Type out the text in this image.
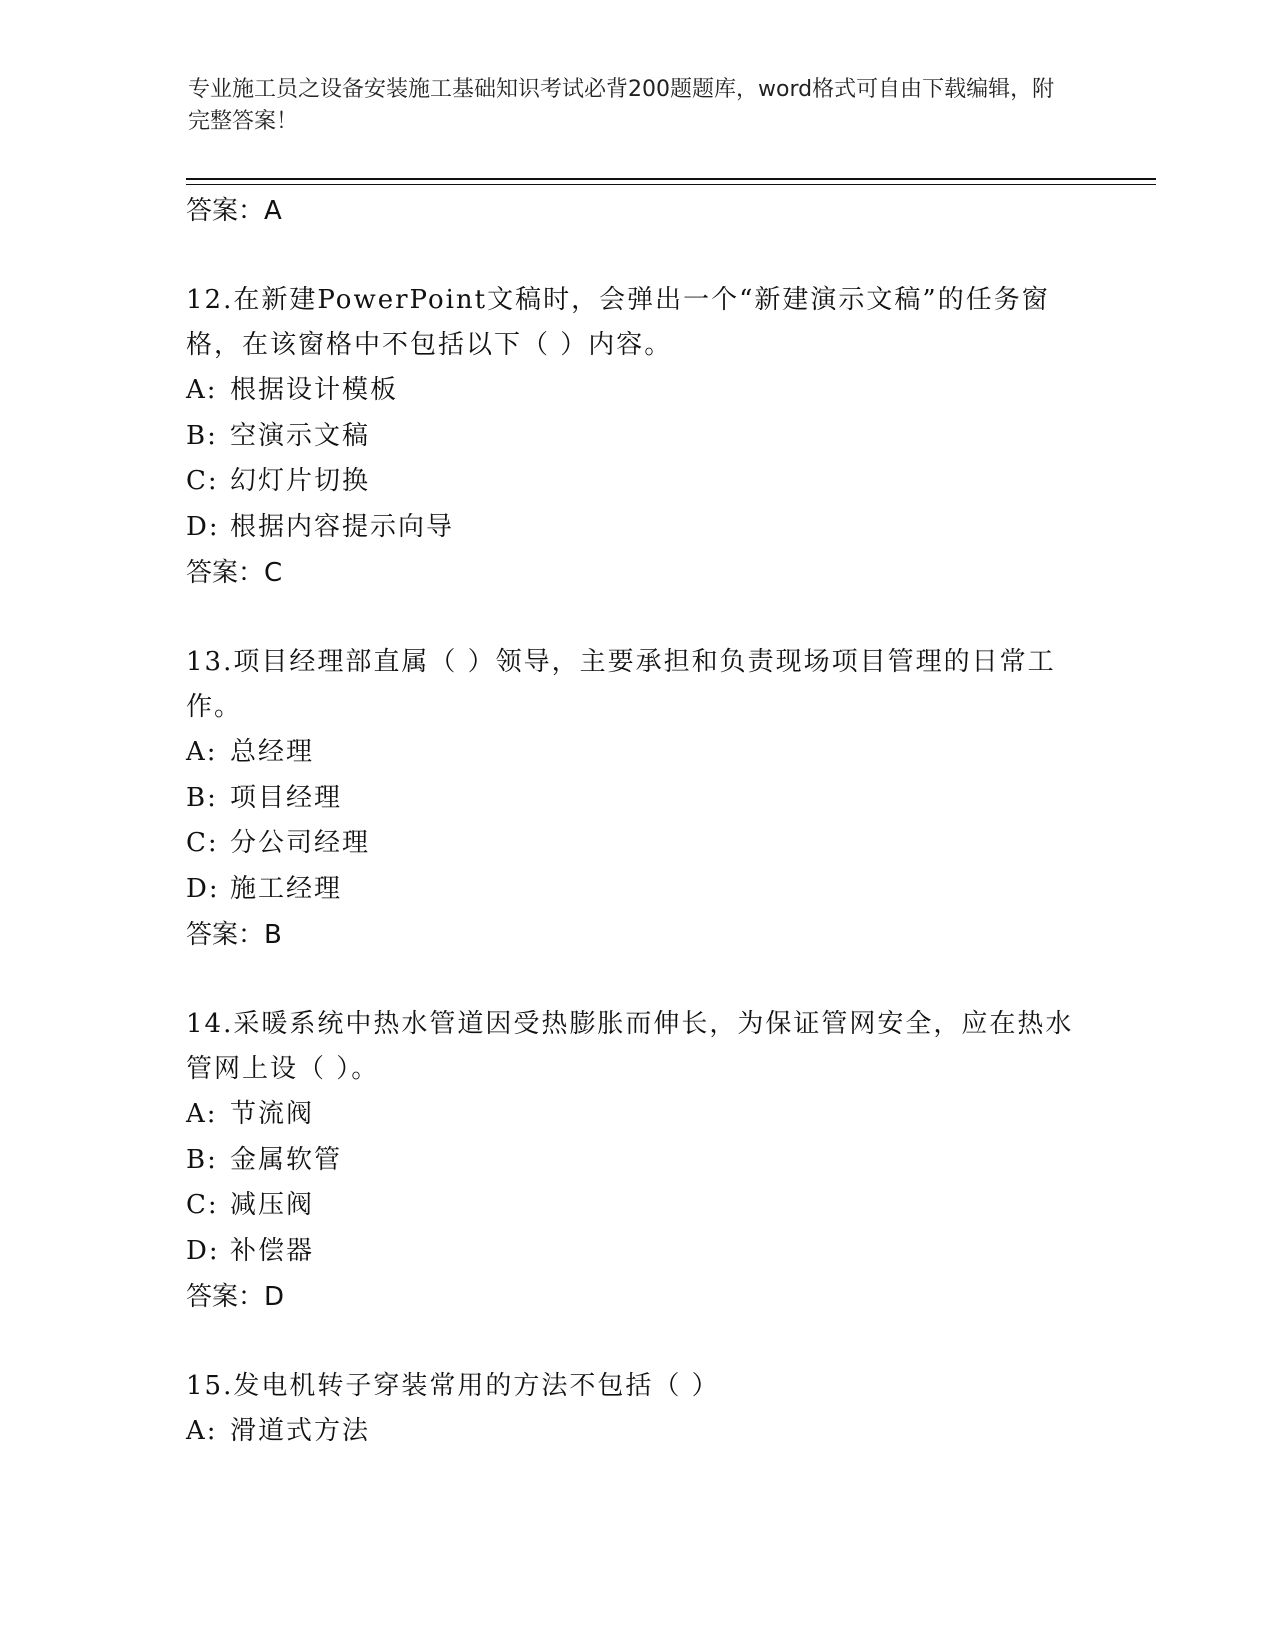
专业施工员之设备安装施工基础知识考试必背200题题库，word格式可自由下载编辑，附完整答案！
答案：A
12.在新建PowerPoint文稿时，会弹出一个“新建演示文稿”的任务窗格，在该窗格中不包括以下（ ）内容。
A: 根据设计模板
B: 空演示文稿
C: 幻灯片切换
D: 根据内容提示向导
答案：C
13.项目经理部直属（ ）领导，主要承担和负责现场项目管理的日常工作。
A: 总经理
B: 项目经理
C: 分公司经理
D: 施工经理
答案：B
14.采暖系统中热水管道因受热膨胀而伸长，为保证管网安全，应在热水管网上设（ ）。
A: 节流阀
B: 金属软管
C: 减压阀
D: 补偿器
答案：D
15.发电机转子穿装常用的方法不包括（ ）
A: 滑道式方法
